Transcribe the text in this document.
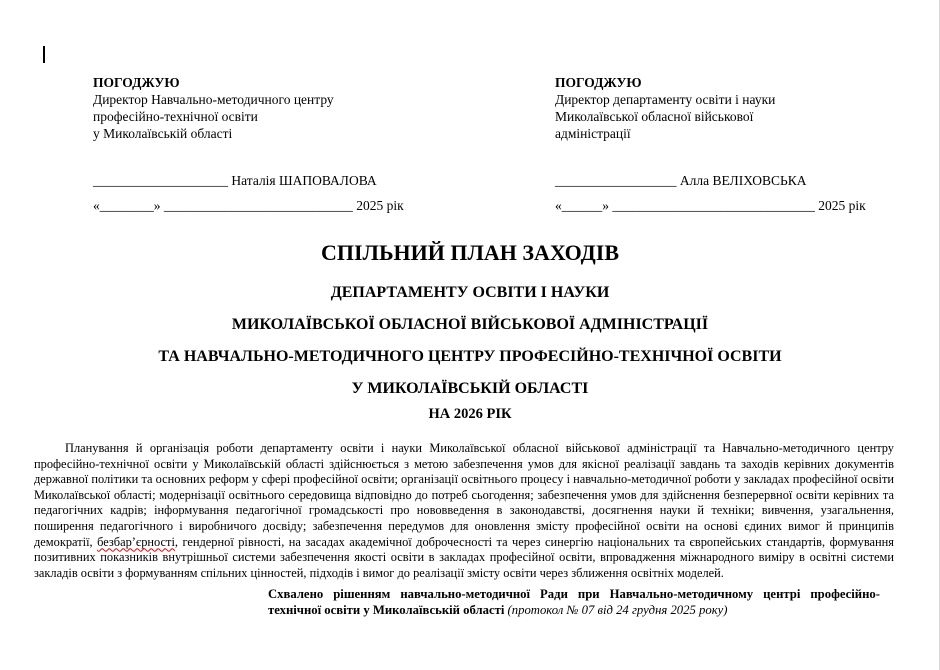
ПОГОДЖУЮ
Директор Навчально-методичного центру
професійно-технічної освіти
у Миколаївській області
____________________ Наталія ШАПОВАЛОВА
«________» ____________________________ 2025 рік
ПОГОДЖУЮ
Директор департаменту освіти і науки
Миколаївської обласної військової
адміністрації
__________________ Алла ВЕЛІХОВСЬКА
«______» ______________________________ 2025 рік
СПІЛЬНИЙ ПЛАН ЗАХОДІВ
ДЕПАРТАМЕНТУ ОСВІТИ І НАУКИ
МИКОЛАЇВСЬКОЇ ОБЛАСНОЇ ВІЙСЬКОВОЇ АДМІНІСТРАЦІЇ
ТА НАВЧАЛЬНО-МЕТОДИЧНОГО ЦЕНТРУ ПРОФЕСІЙНО-ТЕХНІЧНОЇ ОСВІТИ
У МИКОЛАЇВСЬКІЙ ОБЛАСТІ
НА 2026 РІК

Планування й організація роботи департаменту освіти і науки Миколаївської обласної військової адміністрації та Навчально-методичного центру професійно-технічної освіти у Миколаївській області здійснюється з метою забезпечення умов для якісної реалізації завдань та заходів керівних документів державної політики та основних реформ у сфері професійної освіти; організації освітнього процесу і навчально-методичної роботи у закладах професійної освіти Миколаївської області; модернізації освітнього середовища відповідно до потреб сьогодення; забезпечення умов для здійснення безперервної освіти керівних та педагогічних кадрів; інформування педагогічної громадськості про нововведення в законодавстві, досягнення науки й техніки; вивчення, узагальнення, поширення педагогічного і виробничого досвіду; забезпечення передумов для оновлення змісту професійної освіти на основі єдиних вимог й принципів демократії, безбар’єрності, гендерної рівності, на засадах академічної доброчесності та через синергію національних та європейських стандартів, формування позитивних показників внутрішньої системи забезпечення якості освіти в закладах професійної освіти, впровадження міжнародного виміру в освітні системи закладів освіти з формуванням спільних цінностей, підходів і вимог до реалізації змісту освіти через зближення освітніх моделей.

Схвалено рішенням навчально-методичної Ради при Навчально-методичному центрі професійно-технічної освіти у Миколаївській області (протокол № 07 від 24 грудня 2025 року)
